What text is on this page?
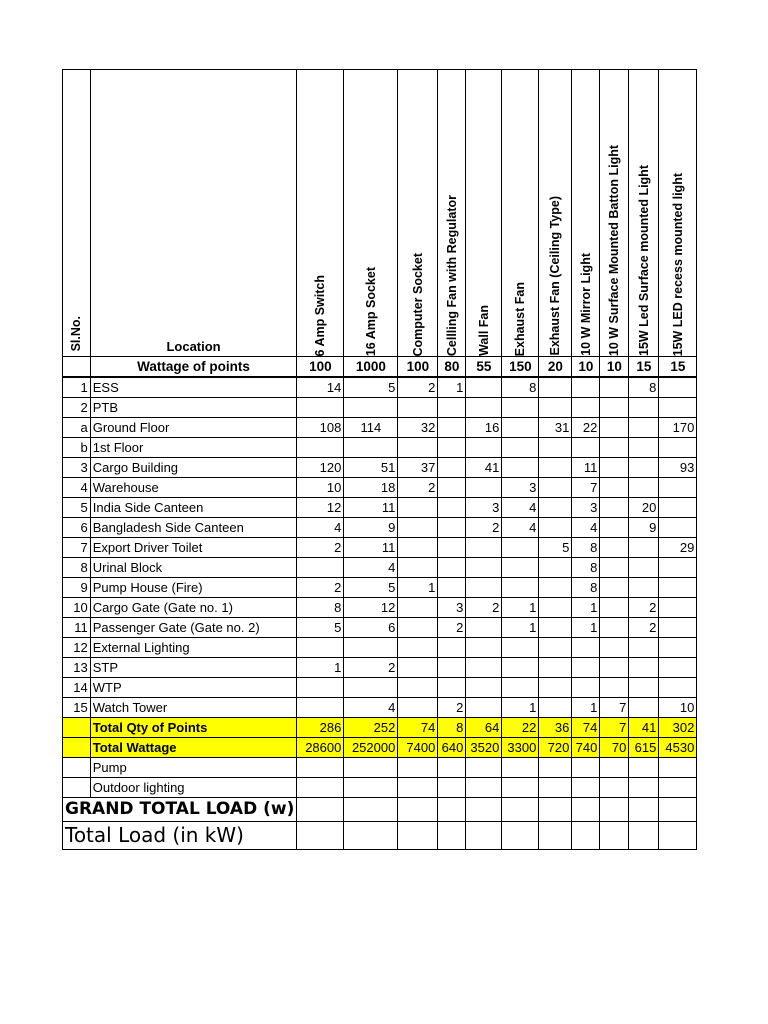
Sl.No.	Location	6 Amp Switch	16 Amp Socket	Computer Socket	Cellling Fan with Regulator	Wall Fan	Exhaust Fan	Exhaust Fan (Ceiling Type)	10 W Mirror Light	10 W Surface Mounted Batton Light	15W Led Surface mounted Light	15W LED recess mounted light

	Wattage of points	100	1000	100	80	55	150	20	10	10	15	15
1	ESS	14	5	2	1		8				8	
2	PTB											
a	Ground Floor	108	114	32		16		31	22			170
b	1st Floor											
3	Cargo Building	120	51	37		41			11			93
4	Warehouse	10	18	2			3		7			
5	India Side Canteen	12	11			3	4		3		20	
6	Bangladesh Side Canteen	4	9			2	4		4		9	
7	Export Driver Toilet	2	11					5	8			29
8	Urinal Block		4						8			
9	Pump House (Fire)	2	5	1					8			
10	Cargo Gate (Gate no. 1)	8	12		3	2	1		1		2	
11	Passenger Gate (Gate no. 2)	5	6		2		1		1		2	
12	External Lighting											
13	STP	1	2									
14	WTP											
15	Watch Tower		4		2		1		1	7		10
	Total Qty of Points	286	252	74	8	64	22	36	74	7	41	302
	Total Wattage	28600	252000	7400	640	3520	3300	720	740	70	615	4530
	Pump											
	Outdoor lighting											
GRAND TOTAL LOAD (w)												
Total Load (in kW)												
